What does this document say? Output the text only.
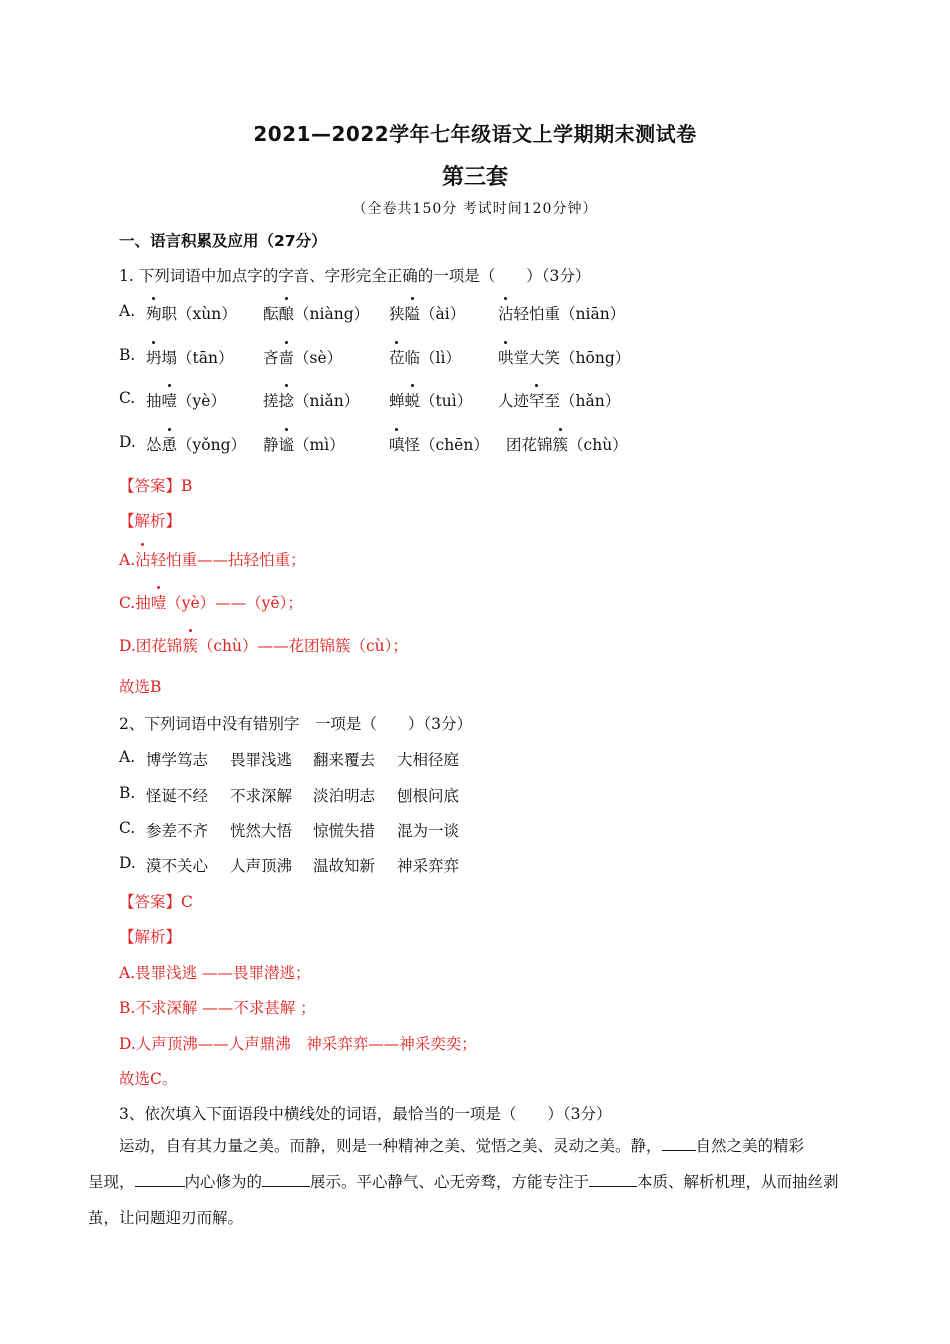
2021—2022学年七年级语文上学期期末测试卷
第三套
（全卷共150分 考试时间120分钟）
一、语言积累及应用（27分）
1. 下列词语中加点字的字音、字形完全正确的一项是（　　）（3分）
A. 殉职（xùn） 酝酿（niàng） 狭隘（ài） 沾轻怕重（niān）
B. 坍塌（tān） 吝啬（sè）	莅临（lì） 哄堂大笑（hōng）
C. 抽噎（yè） 搓捻（niǎn） 蝉蜕（tuì） 人迹罕至（hǎn）
D. 怂恿（yǒng） 静谧（mì）	嗔怪（chēn） 团花锦簇（chù）
【答案】B
【解析】
A.沾轻怕重——拈轻怕重；
C.抽噎（yè）——（yē）；
D.团花锦簇（chù）——花团锦簇（cù）；
故选B
2、下列词语中没有错别字　一项是（　　）（3分）
A. 博学笃志 畏罪浅逃 翻来覆去 大相径庭
B. 怪诞不经 不求深解 淡泊明志 刨根问底
C. 参差不齐 恍然大悟 惊慌失措 混为一谈
D. 漠不关心 人声顶沸 温故知新 神采弈弈
【答案】C
【解析】
A.畏罪浅逃 ——畏罪潜逃；
B.不求深解 ——不求甚解 ；
D.人声顶沸——人声鼎沸　神采弈弈——神采奕奕；
故选C。
3、依次填入下面语段中横线处的词语，最恰当的一项是（　　）（3分）
运动，自有其力量之美。而静，则是一种精神之美、觉悟之美、灵动之美。静， 自然之美的精彩
呈现，	内心修为的	展示。平心静气、心无旁骛，方能专注于	本质、解析机理，从而抽丝剥茧，让问题迎刃而解。
